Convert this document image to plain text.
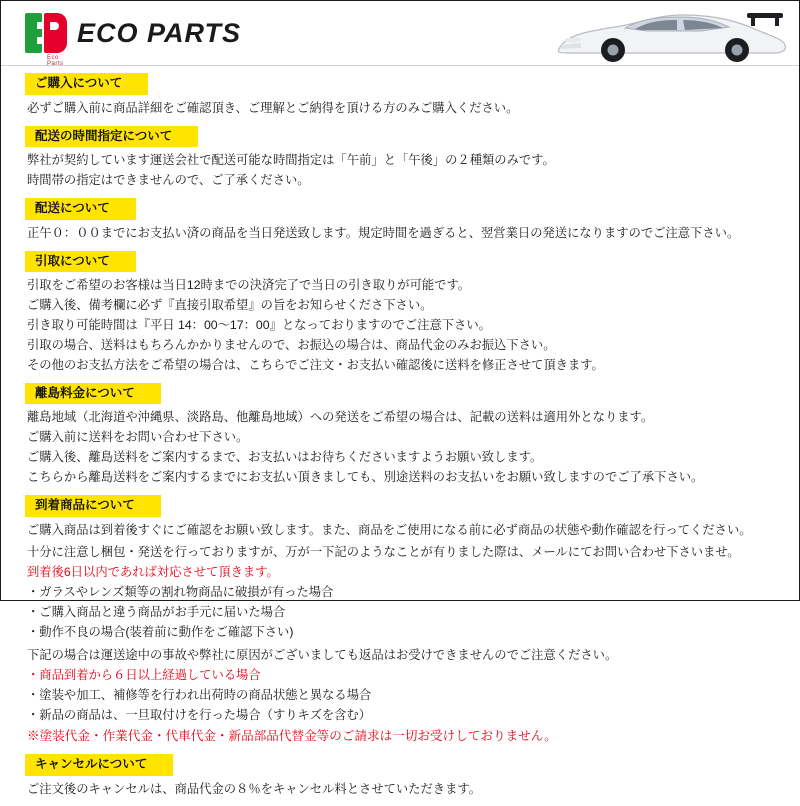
Eco Parts
ECO PARTS
ご購入について
必ずご購入前に商品詳細をご確認頂き、ご理解とご納得を頂ける方のみご購入ください。
配送の時間指定について
弊社が契約しています運送会社で配送可能な時間指定は「午前」と「午後」の２種類のみです。
時間帯の指定はできませんので、ご了承ください。
配送について
正午０：００までにお支払い済の商品を当日発送致します。規定時間を過ぎると、翌営業日の発送になりますのでご注意下さい。
引取について
引取をご希望のお客様は当日12時までの決済完了で当日の引き取りが可能です。
ご購入後、備考欄に必ず『直接引取希望』の旨をお知らせくださ下さい。
引き取り可能時間は『平日 14：00〜17：00』となっておりますのでご注意下さい。
引取の場合、送料はもちろんかかりませんので、お振込の場合は、商品代金のみお振込下さい。
その他のお支払方法をご希望の場合は、こちらでご注文・お支払い確認後に送料を修正させて頂きます。
離島料金について
離島地域（北海道や沖縄県、淡路島、他離島地域）への発送をご希望の場合は、記載の送料は適用外となります。
ご購入前に送料をお問い合わせ下さい。
ご購入後、離島送料をご案内するまで、お支払いはお待ちくださいますようお願い致します。
こちらから離島送料をご案内するまでにお支払い頂きましても、別途送料のお支払いをお願い致しますのでご了承下さい。
到着商品について
ご購入商品は到着後すぐにご確認をお願い致します。また、商品をご使用になる前に必ず商品の状態や動作確認を行ってください。
十分に注意し梱包・発送を行っておりますが、万が一下記のようなことが有りました際は、メールにてお問い合わせ下さいませ。
到着後6日以内であれば対応させて頂きます。
・ガラスやレンズ類等の割れ物商品に破損が有った場合
・ご購入商品と違う商品がお手元に届いた場合
・動作不良の場合(装着前に動作をご確認下さい)
下記の場合は運送途中の事故や弊社に原因がございましても返品はお受けできませんのでご注意ください。
・商品到着から６日以上経過している場合
・塗装や加工、補修等を行われ出荷時の商品状態と異なる場合
・新品の商品は、一旦取付けを行った場合（すりキズを含む）
※塗装代金・作業代金・代車代金・新品部品代替金等のご請求は一切お受けしておりません。
キャンセルについて
ご注文後のキャンセルは、商品代金の８％をキャンセル料とさせていただきます。
